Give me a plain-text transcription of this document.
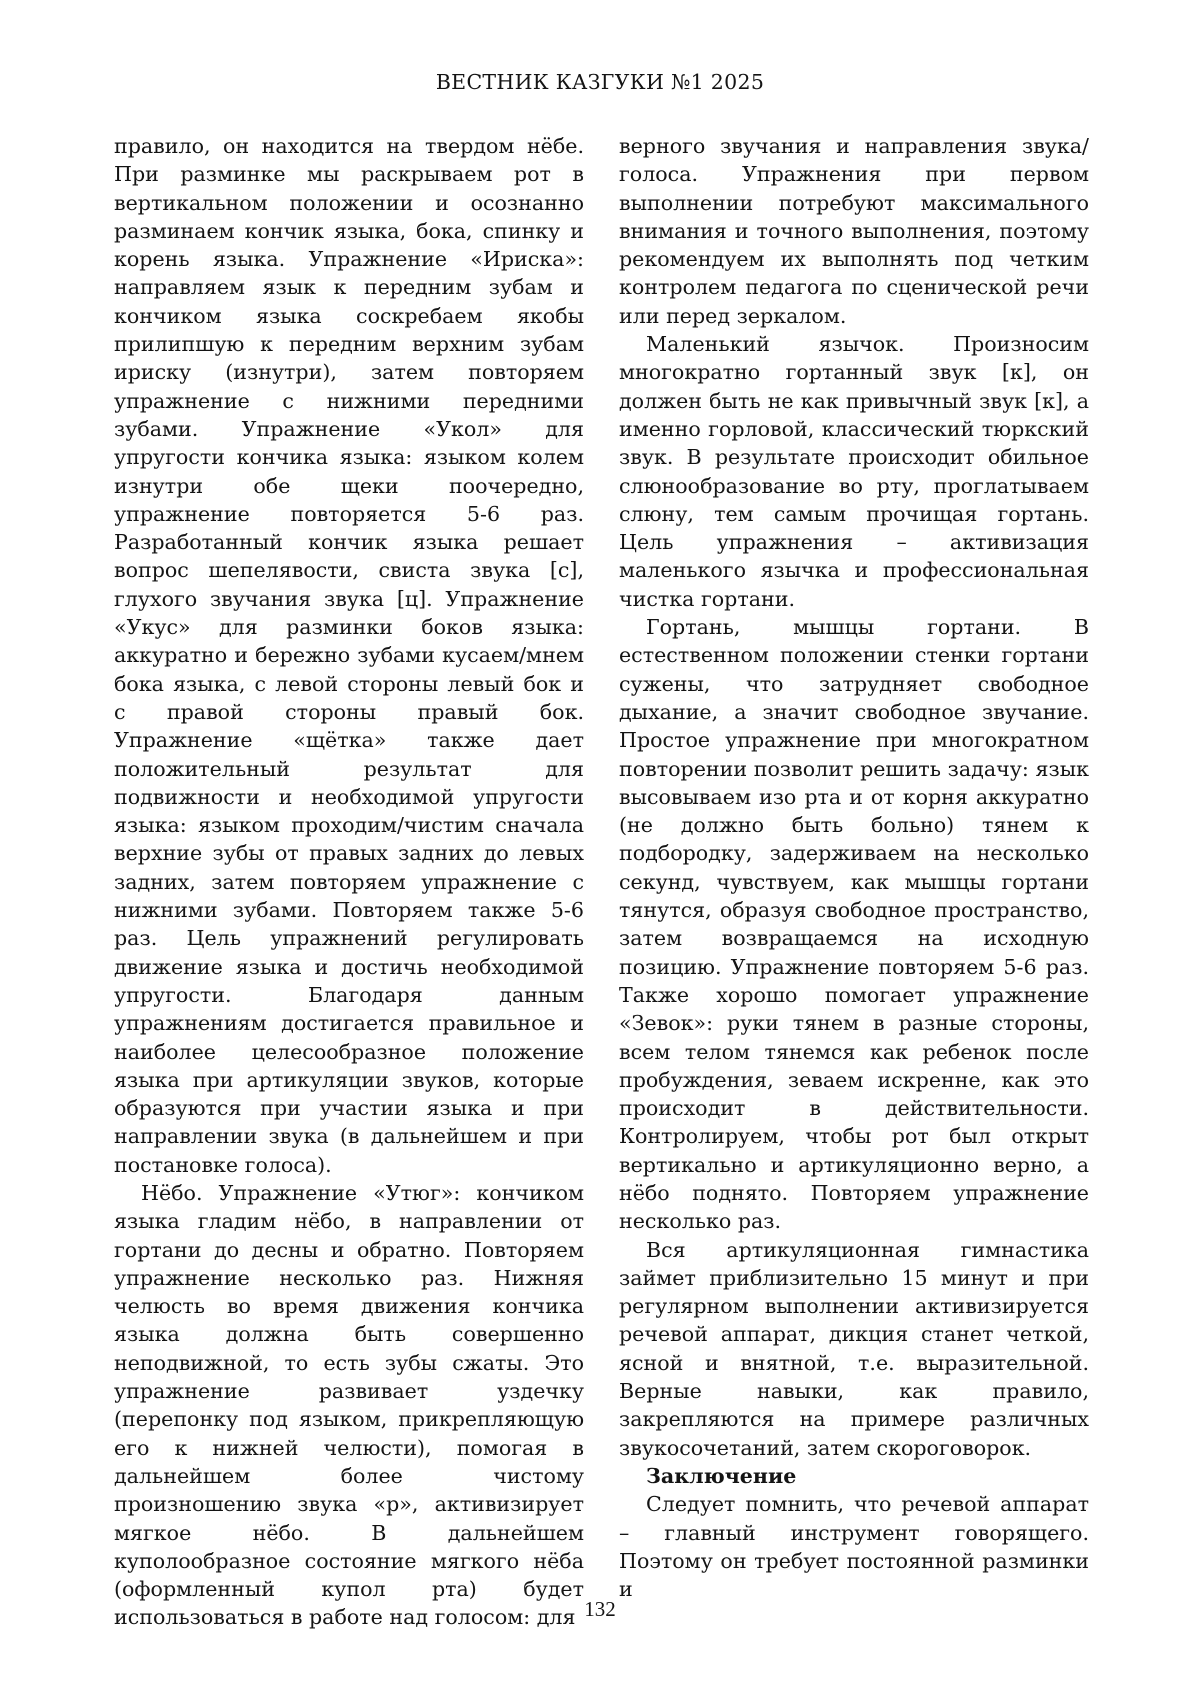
ВЕСТНИК КАЗГУКИ №1 2025

правило, он находится на твердом нёбе. При разминке мы раскрываем рот в вертикальном положении и осознанно разминаем кончик языка, бока, спинку и корень языка. Упражнение «Ириска»: направляем язык к передним зубам и кончиком языка соскребаем якобы прилипшую к передним верхним зубам ириску (изнутри), затем повторяем упражнение с нижними передними зубами. Упражнение «Укол» для упругости кончика языка: языком колем изнутри обе щеки поочередно, упражнение повторяется 5-6 раз. Разработанный кончик языка решает вопрос шепелявости, свиста звука [с], глухого звучания звука [ц]. Упражнение «Укус» для разминки боков языка: аккуратно и бережно зубами кусаем/мнем бока языка, с левой стороны левый бок и с правой стороны правый бок. Упражнение «щётка» также дает положительный результат для подвижности и необходимой упругости языка: языком проходим/чистим сначала верхние зубы от правых задних до левых задних, затем повторяем упражнение с нижними зубами. Повторяем также 5-6 раз. Цель упражнений регулировать движение языка и достичь необходимой упругости. Благодаря данным упражнениям достигается правильное и наиболее целесообразное положение языка при артикуляции звуков, которые образуются при участии языка и при направлении звука (в дальнейшем и при постановке голоса).

Нёбо. Упражнение «Утюг»: кончиком языка гладим нёбо, в направлении от гортани до десны и обратно. Повторяем упражнение несколько раз. Нижняя челюсть во время движения кончика языка должна быть совершенно неподвижной, то есть зубы сжаты. Это упражнение развивает уздечку (перепонку под языком, прикрепляющую его к нижней челюсти), помогая в дальнейшем более чистому произношению звука «р», активизирует мягкое нёбо. В дальнейшем куполообразное состояние мягкого нёба (оформленный купол рта) будет использоваться в работе над голосом: для

верного звучания и направления звука/голоса. Упражнения при первом выполнении потребуют максимального внимания и точного выполнения, поэтому рекомендуем их выполнять под четким контролем педагога по сценической речи или перед зеркалом.

Маленький язычок. Произносим многократно гортанный звук [к], он должен быть не как привычный звук [к], а именно горловой, классический тюркский звук. В результате происходит обильное слюнообразование во рту, проглатываем слюну, тем самым прочищая гортань. Цель упражнения – активизация маленького язычка и профессиональная чистка гортани.

Гортань, мышцы гортани. В естественном положении стенки гортани сужены, что затрудняет свободное дыхание, а значит свободное звучание. Простое упражнение при многократном повторении позволит решить задачу: язык высовываем изо рта и от корня аккуратно (не должно быть больно) тянем к подбородку, задерживаем на несколько секунд, чувствуем, как мышцы гортани тянутся, образуя свободное пространство, затем возвращаемся на исходную позицию. Упражнение повторяем 5-6 раз. Также хорошо помогает упражнение «Зевок»: руки тянем в разные стороны, всем телом тянемся как ребенок после пробуждения, зеваем искренне, как это происходит в действительности. Контролируем, чтобы рот был открыт вертикально и артикуляционно верно, а нёбо поднято. Повторяем упражнение несколько раз.

Вся артикуляционная гимнастика займет приблизительно 15 минут и при регулярном выполнении активизируется речевой аппарат, дикция станет четкой, ясной и внятной, т.е. выразительной. Верные навыки, как правило, закрепляются на примере различных звукосочетаний, затем скороговорок.

Заключение

Следует помнить, что речевой аппарат – главный инструмент говорящего. Поэтому он требует постоянной разминки и

132
